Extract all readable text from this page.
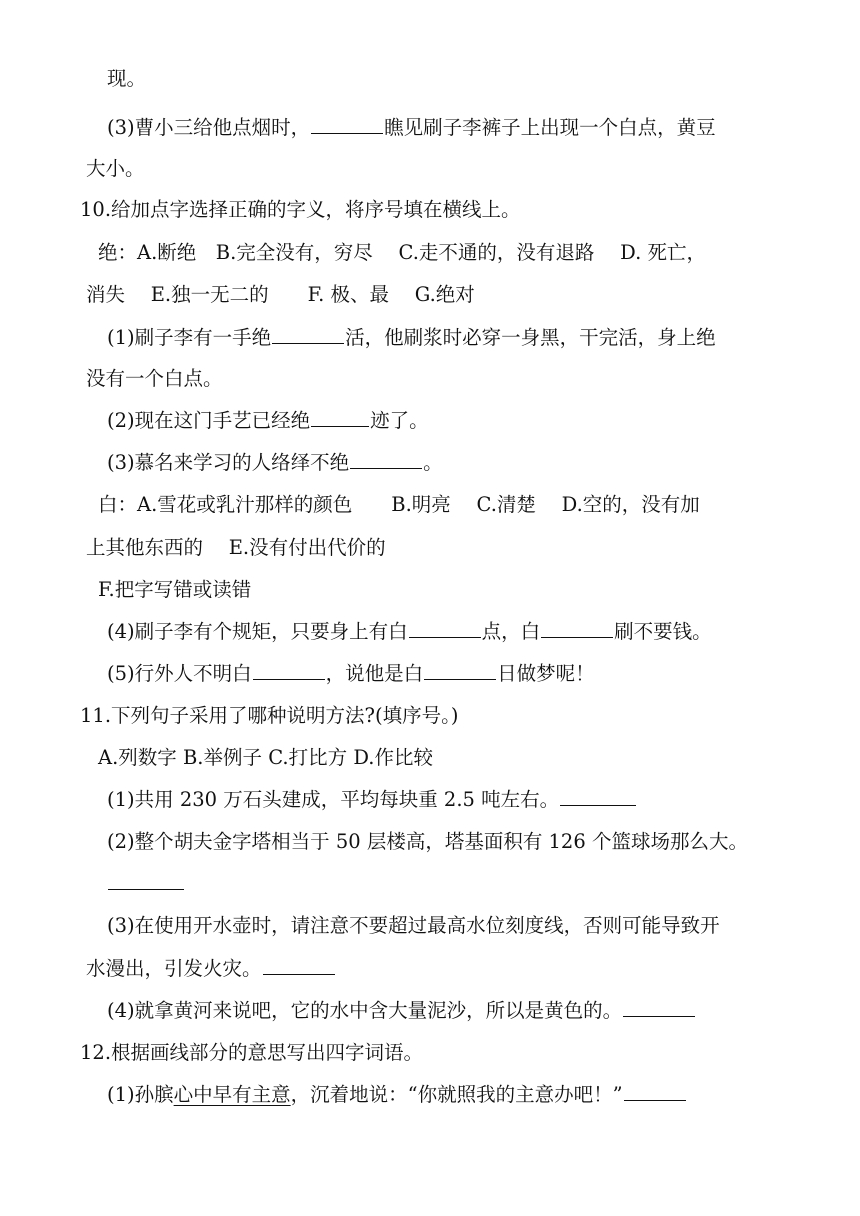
现。
(3)曹小三给他点烟时，	瞧见刷子李裤子上出现一个白点，黄豆
大小。
10.给加点字选择正确的字义，将序号填在横线上。
绝：A.断绝　B.完全没有，穷尽　 C.走不通的，没有退路　 D. 死亡，
消失　 E.独一无二的　　F. 极、最　 G.绝对
(1)刷子李有一手绝	活，他刷浆时必穿一身黑，干完活，身上绝
没有一个白点。
(2)现在这门手艺已经绝	迹了。
(3)慕名来学习的人络绎不绝	。
白：A.雪花或乳汁那样的颜色　　B.明亮　 C.清楚　 D.空的，没有加
上其他东西的　 E.没有付出代价的
F.把字写错或读错
(4)刷子李有个规矩，只要身上有白	点，白	刷不要钱。
(5)行外人不明白	，说他是白	日做梦呢！
11.下列句子采用了哪种说明方法?(填序号。)
A.列数字 B.举例子 C.打比方 D.作比较
(1)共用 230 万石头建成，平均每块重 2.5 吨左右。
(2)整个胡夫金字塔相当于 50 层楼高，塔基面积有 126 个篮球场那么大。
(3)在使用开水壶时，请注意不要超过最高水位刻度线，否则可能导致开
水漫出，引发火灾。
(4)就拿黄河来说吧，它的水中含大量泥沙，所以是黄色的。
12.根据画线部分的意思写出四字词语。
(1)孙膑心中早有主意，沉着地说：“你就照我的主意办吧！”
